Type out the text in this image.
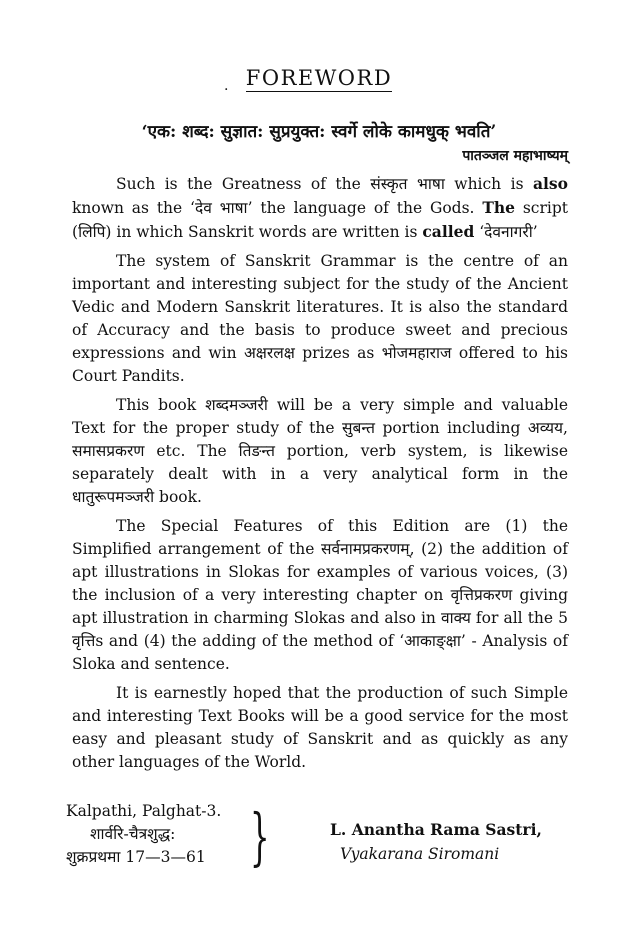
FOREWORD
.
‘एक: शब्द: सुज्ञात: सुप्रयुक्त: स्वर्गे लोके कामधुक् भवति’
पातञ्जल महाभाष्यम्

Such is the Greatness of the संस्कृत भाषा which is also known as the ‘देव भाषा’ the language of the Gods. The script (लिपि) in which Sanskrit words are written is called ‘देवनागरी’

The system of Sanskrit Grammar is the centre of an important and interesting subject for the study of the Ancient Vedic and Modern Sanskrit literatures. It is also the standard of Accuracy and the basis to produce sweet and precious expressions and win अक्षरलक्ष prizes as भोजमहाराज offered to his Court Pandits.

This book शब्दमञ्जरी will be a very simple and valuable Text for the proper study of the सुबन्त portion including अव्यय, समासप्रकरण etc. The तिङन्त portion, verb system, is likewise separately dealt with in a very analytical form in the धातुरूपमञ्जरी book.

The Special Features of this Edition are (1) the Simplified arrangement of the सर्वनामप्रकरणम्, (2) the addition of apt illustrations in Slokas for examples of various voices, (3) the inclusion of a very interesting chapter on वृत्तिप्रकरण giving apt illustration in charming Slokas and also in वाक्य for all the 5 वृत्तिs and (4) the adding of the method of ‘आकाङ्क्षा’ - Analysis of Sloka and sentence.

It is earnestly hoped that the production of such Simple and interesting Text Books will be a good service for the most easy and pleasant study of Sanskrit and as quickly as any other languages of the World.

Kalpathi, Palghat-3.
शार्वरि-चैत्रशुद्ध:
शुक्रप्रथमा 17—3—61 }	L. Anantha Rama Sastri,
Vyakarana Siromani
